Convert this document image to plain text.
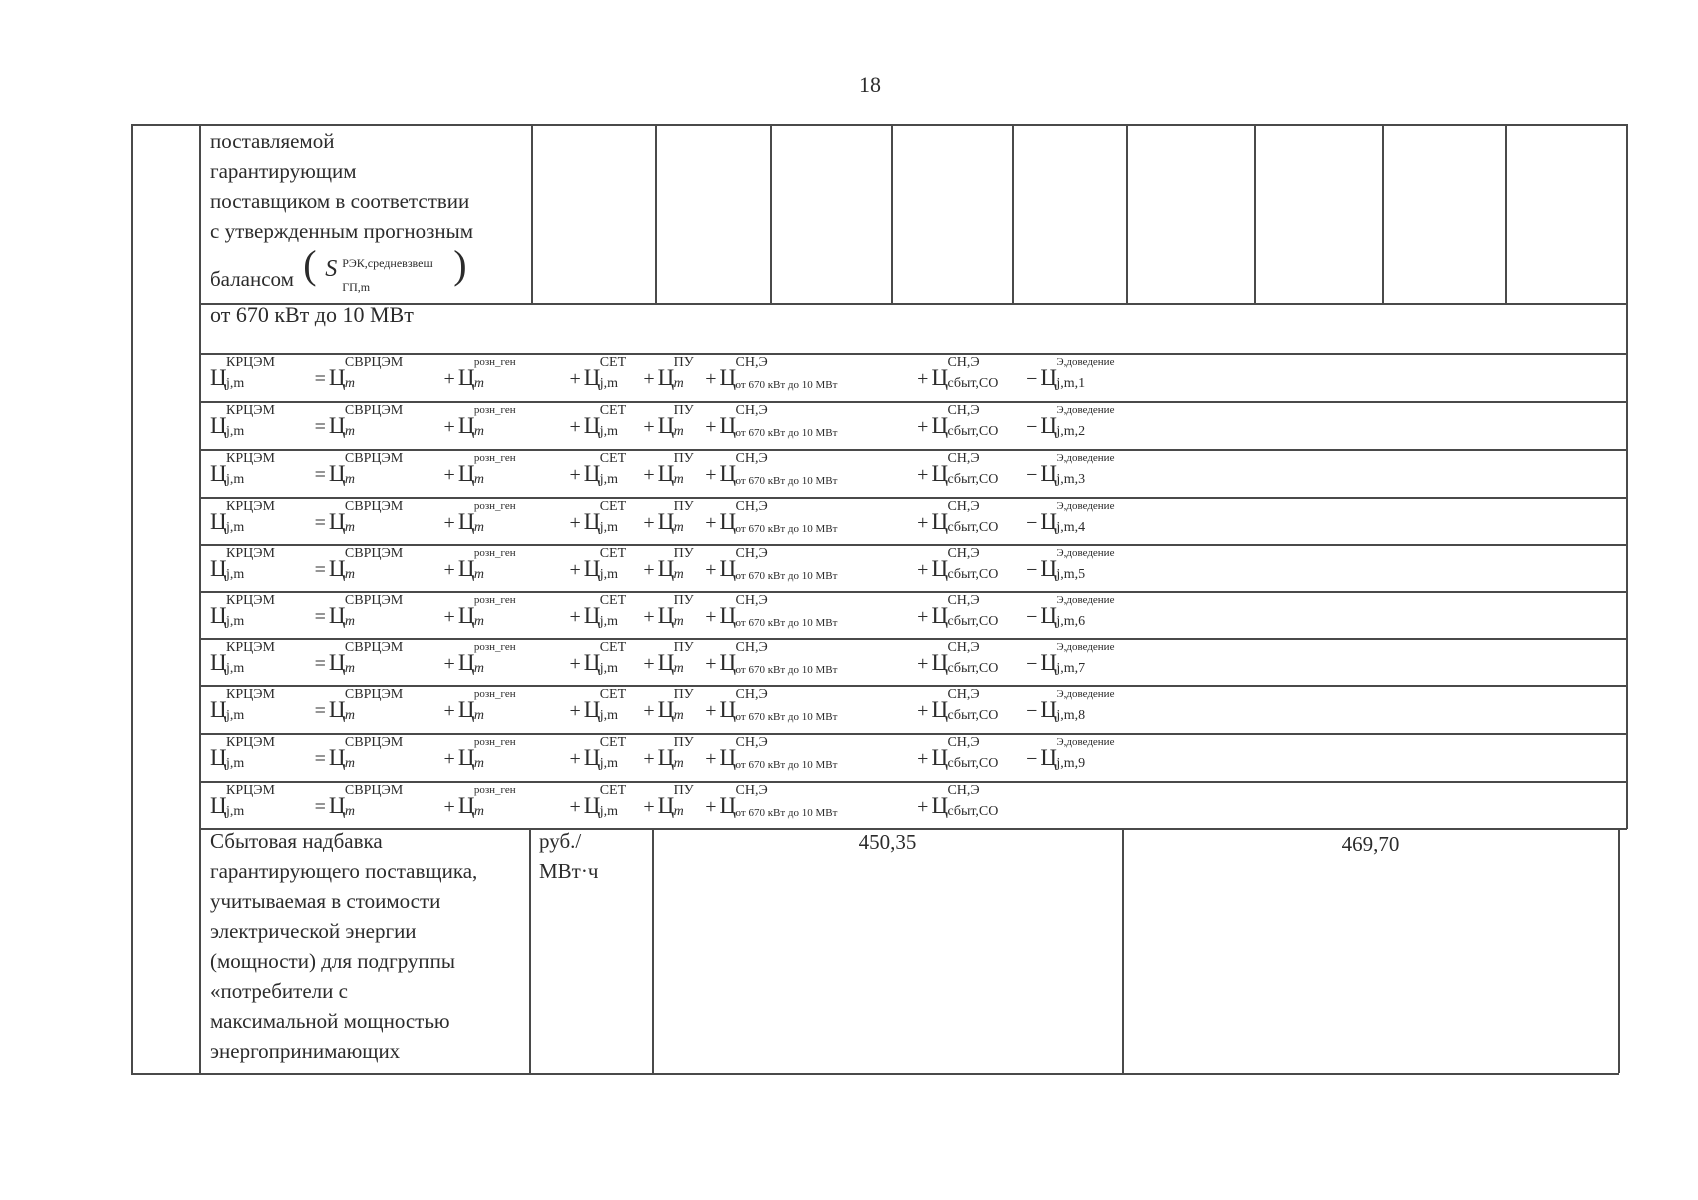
18
поставляемой
гарантирующим
поставщиком в соответствии
с утвержденным прогнозным
балансом ( S РЭК,средневзвеш
ГП,m )
от 670 кВт до 10 МВт
Ц
КРЦЭМ
j,m	= Ц
СВРЦЭМ
m	+ Ц
розн_ген
m	+ Ц
СЕТ
j,m + Ц
ПУ
m + Ц
СН,Э
от 670 кВт до 10 МВт	+ Ц
СН,Э
сбыт,СО − Ц
Э,доведение
j,m,1
Ц
КРЦЭМ
j,m	= Ц
СВРЦЭМ
m	+ Ц
розн_ген
m	+ Ц
СЕТ
j,m + Ц
ПУ
m + Ц
СН,Э
от 670 кВт до 10 МВт	+ Ц
СН,Э
сбыт,СО − Ц
Э,доведение
j,m,2
Ц
КРЦЭМ
j,m	= Ц
СВРЦЭМ
m	+ Ц
розн_ген
m	+ Ц
СЕТ
j,m + Ц
ПУ
m + Ц
СН,Э
от 670 кВт до 10 МВт	+ Ц
СН,Э
сбыт,СО − Ц
Э,доведение
j,m,3
Ц
КРЦЭМ
j,m	= Ц
СВРЦЭМ
m	+ Ц
розн_ген
m	+ Ц
СЕТ
j,m + Ц
ПУ
m + Ц
СН,Э
от 670 кВт до 10 МВт	+ Ц
СН,Э
сбыт,СО − Ц
Э,доведение
j,m,4
Ц
КРЦЭМ
j,m	= Ц
СВРЦЭМ
m	+ Ц
розн_ген
m	+ Ц
СЕТ
j,m + Ц
ПУ
m + Ц
СН,Э
от 670 кВт до 10 МВт	+ Ц
СН,Э
сбыт,СО − Ц
Э,доведение
j,m,5
Ц
КРЦЭМ
j,m	= Ц
СВРЦЭМ
m	+ Ц
розн_ген
m	+ Ц
СЕТ
j,m + Ц
ПУ
m + Ц
СН,Э
от 670 кВт до 10 МВт	+ Ц
СН,Э
сбыт,СО − Ц
Э,доведение
j,m,6
Ц
КРЦЭМ
j,m	= Ц
СВРЦЭМ
m	+ Ц
розн_ген
m	+ Ц
СЕТ
j,m + Ц
ПУ
m + Ц
СН,Э
от 670 кВт до 10 МВт	+ Ц
СН,Э
сбыт,СО − Ц
Э,доведение
j,m,7
Ц
КРЦЭМ
j,m	= Ц
СВРЦЭМ
m	+ Ц
розн_ген
m	+ Ц
СЕТ
j,m + Ц
ПУ
m + Ц
СН,Э
от 670 кВт до 10 МВт	+ Ц
СН,Э
сбыт,СО − Ц
Э,доведение
j,m,8
Ц
КРЦЭМ
j,m	= Ц
СВРЦЭМ
m	+ Ц
розн_ген
m	+ Ц
СЕТ
j,m + Ц
ПУ
m + Ц
СН,Э
от 670 кВт до 10 МВт	+ Ц
СН,Э
сбыт,СО − Ц
Э,доведение
j,m,9
Ц
КРЦЭМ
j,m	= Ц
СВРЦЭМ
m	+ Ц
розн_ген
m	+ Ц
СЕТ
j,m + Ц
ПУ
m + Ц
СН,Э
от 670 кВт до 10 МВт	+ Ц
СН,Э
сбыт,СО
Сбытовая надбавка
гарантирующего поставщика,
учитываемая в стоимости
электрической энергии
(мощности) для подгруппы
«потребители с
максимальной мощностью
энергопринимающих
руб./
МВт·ч
450,35	469,70
